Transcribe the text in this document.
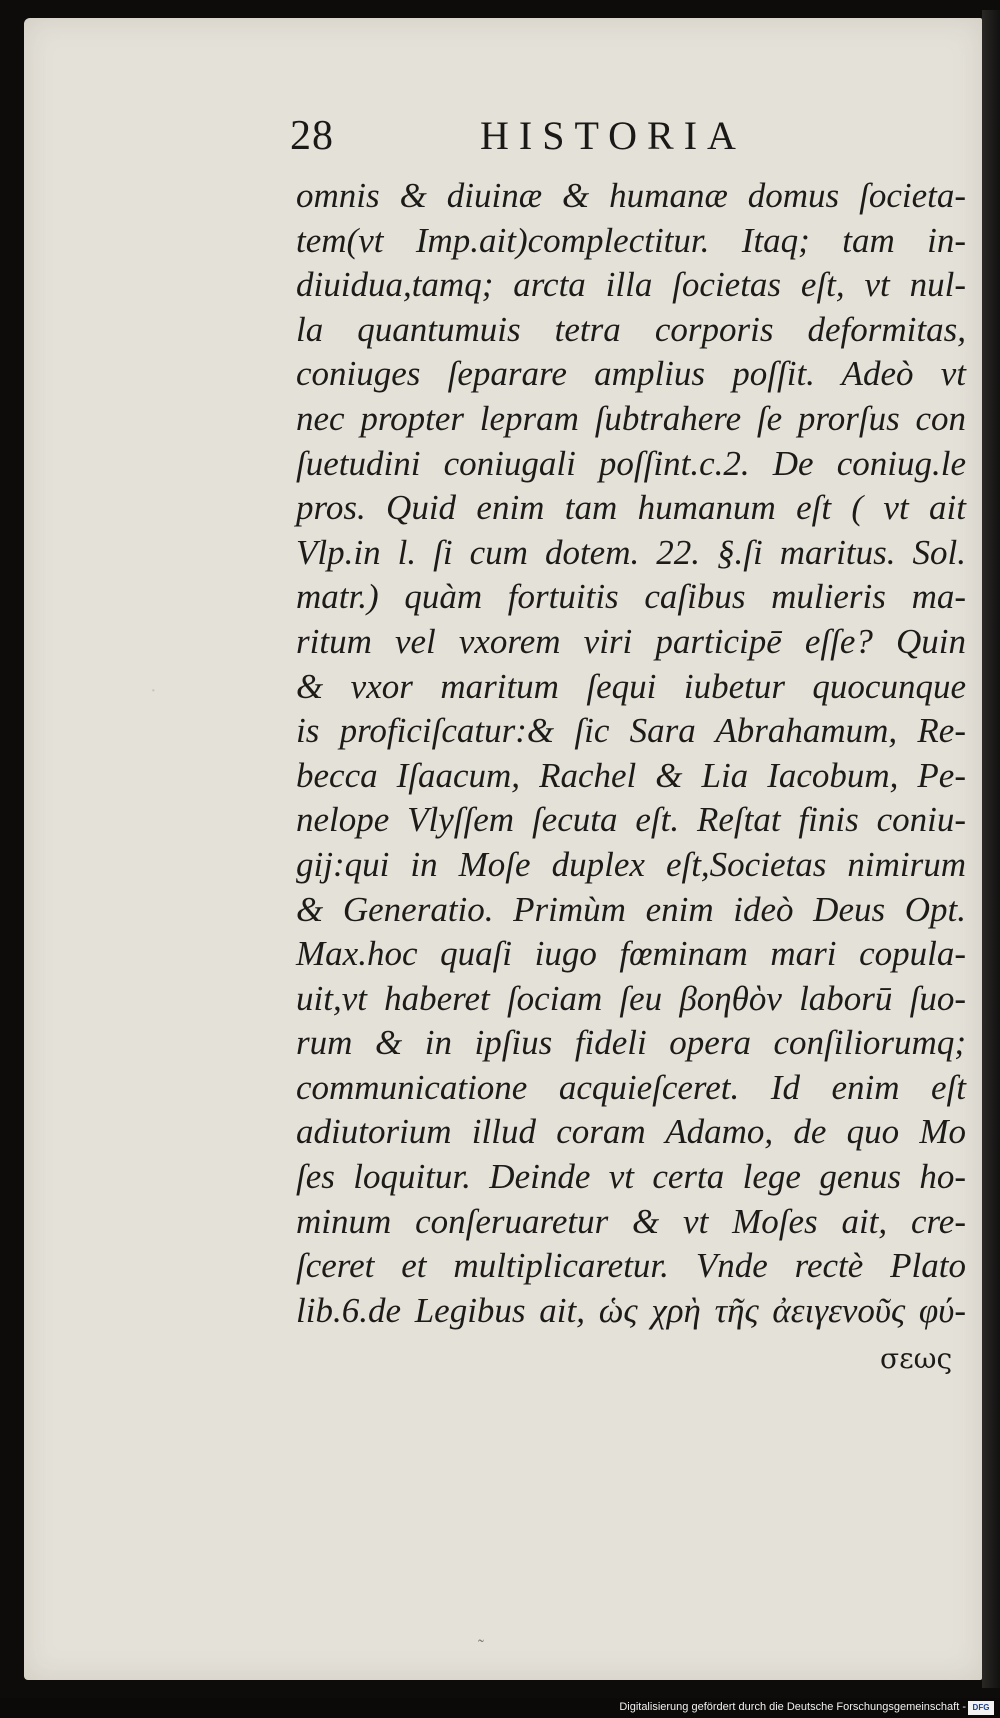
·
28	HISTORIA
omnis & diuinæ & humanæ domus ſocieta-
tem(vt Imp.ait)complectitur. Itaq; tam in-
diuidua,tamq; arcta illa ſocietas eſt, vt nul-
la quantumuis tetra corporis deformitas,
coniuges ſeparare amplius poſſit. Adeò vt
nec propter lepram ſubtrahere ſe prorſus con
ſuetudini coniugali poſſint.c.2. De coniug.le
pros. Quid enim tam humanum eſt ( vt ait
Vlp.in l. ſi cum dotem. 22. §.ſi maritus. Sol.
matr.) quàm fortuitis caſibus mulieris ma-
ritum vel vxorem viri participē eſſe? Quin
& vxor maritum ſequi iubetur quocunque
is proficiſcatur:& ſic Sara Abrahamum, Re-
becca Iſaacum, Rachel & Lia Iacobum, Pe-
nelope Vlyſſem ſecuta eſt. Reſtat finis coniu-
gij:qui in Moſe duplex eſt,Societas nimirum
& Generatio. Primùm enim ideò Deus Opt.
Max.hoc quaſi iugo fœminam mari copula-
uit,vt haberet ſociam ſeu βοηθὸν laborū ſuo-
rum & in ipſius fideli opera conſiliorumq;
communicatione acquieſceret. Id enim eſt
adiutorium illud coram Adamo, de quo Mo
ſes loquitur. Deinde vt certa lege genus ho-
minum conſeruaretur & vt Moſes ait, cre-
ſceret et multiplicaretur. Vnde rectè Plato
lib.6.de Legibus ait, ὡς χρὴ τῆς ἀειγενοῦς φύ-
σεως
˜
Digitalisierung gefördert durch die Deutsche Forschungsgemeinschaft - DFG
